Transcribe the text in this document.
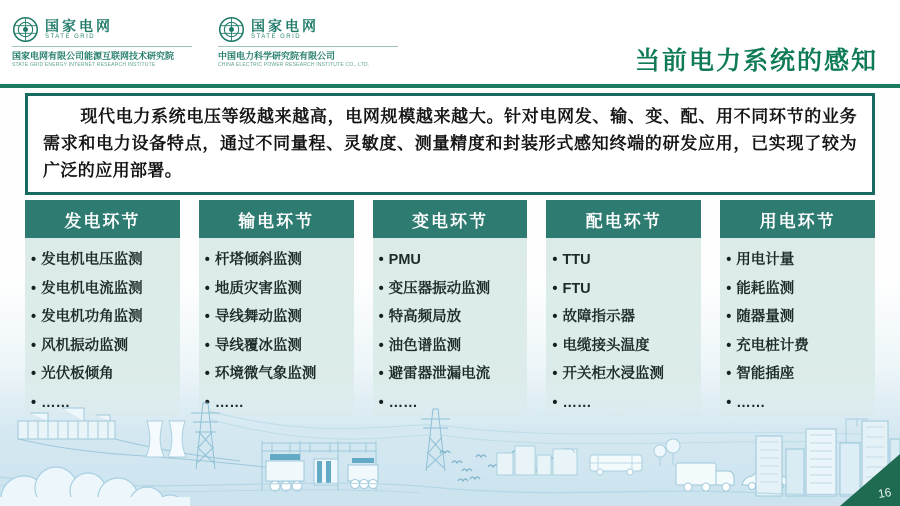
国家电网
STATE GRID
国家电网有限公司能源互联网技术研究院
STATE GRID ENERGY INTERNET RESEARCH INSTITUTE
国家电网
STATE GRID
中国电力科学研究院有限公司
CHINA ELECTRIC POWER RESEARCH INSTITUTE CO., LTD.	当前电力系统的感知

现代电力系统电压等级越来越高，电网规模越来越大。针对电网发、输、变、配、用不同环节的业务需求和电力设备特点，通过不同量程、灵敏度、测量精度和封装形式感知终端的研发应用，已实现了较为广泛的应用部署。

发电环节
• 发电机电压监测
• 发电机电流监测
• 发电机功角监测
• 风机振动监测
• 光伏板倾角
• ……
输电环节
• 杆塔倾斜监测
• 地质灾害监测
• 导线舞动监测
• 导线覆冰监测
• 环境微气象监测
• ……
变电环节
• PMU
• 变压器振动监测
• 特高频局放
• 油色谱监测
• 避雷器泄漏电流
• ……
配电环节
• TTU
• FTU
• 故障指示器
• 电缆接头温度
• 开关柜水浸监测
• ……
用电环节
• 用电计量
• 能耗监测
• 随器量测
• 充电桩计费
• 智能插座
• ……
16
